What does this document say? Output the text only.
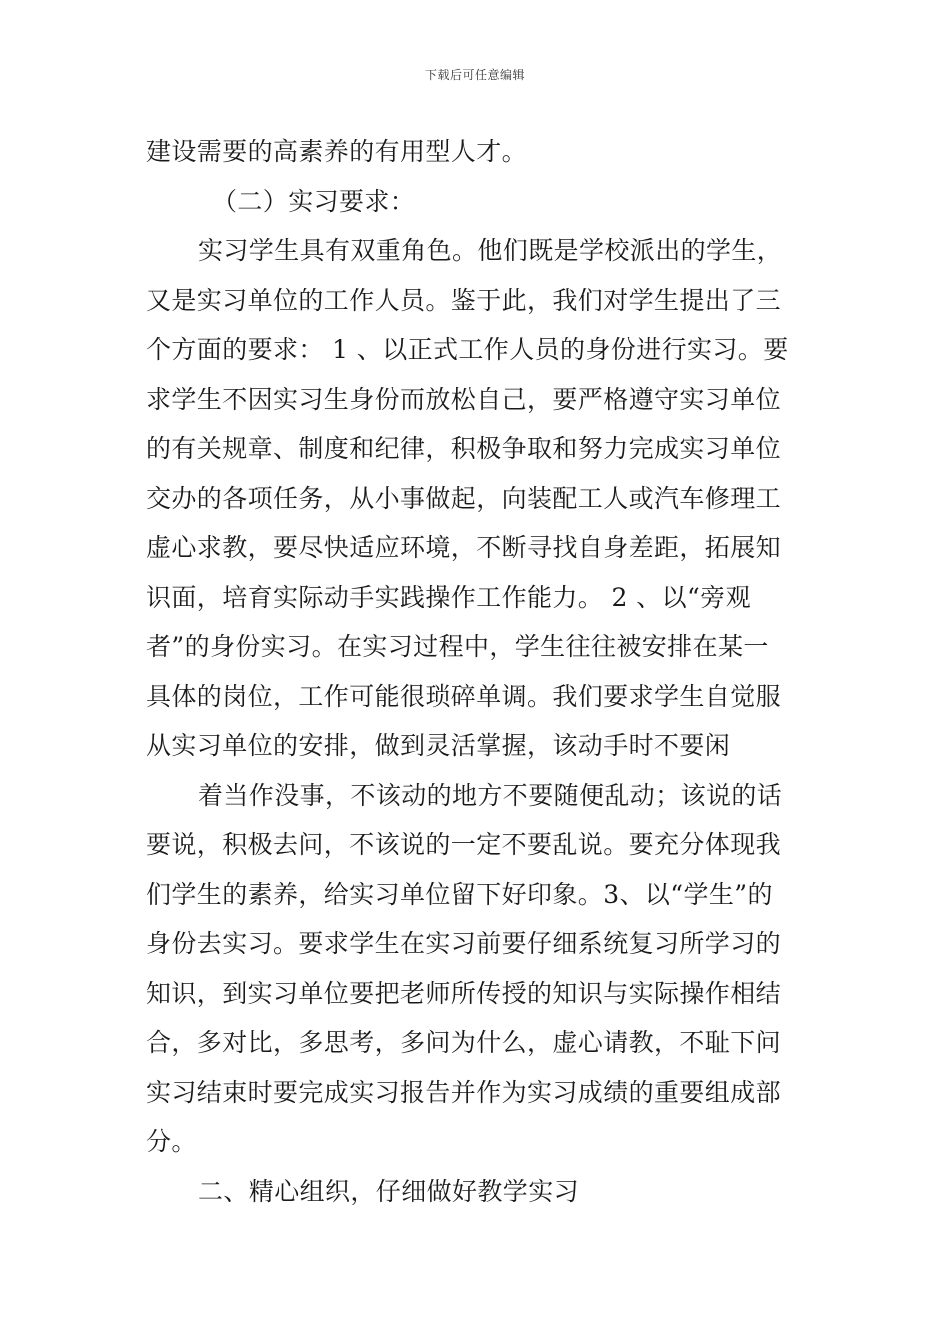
下载后可任意编辑
建设需要的高素养的有用型人才。
（二）实习要求：
实习学生具有双重角色。他们既是学校派出的学生，
又是实习单位的工作人员。鉴于此，我们对学生提出了三
个方面的要求： 1 、以正式工作人员的身份进行实习。要
求学生不因实习生身份而放松自己，要严格遵守实习单位
的有关规章、制度和纪律，积极争取和努力完成实习单位
交办的各项任务，从小事做起，向装配工人或汽车修理工
虚心求教，要尽快适应环境，不断寻找自身差距，拓展知
识面，培育实际动手实践操作工作能力。 2 、以“旁观
者”的身份实习。在实习过程中，学生往往被安排在某一
具体的岗位，工作可能很琐碎单调。我们要求学生自觉服
从实习单位的安排，做到灵活掌握，该动手时不要闲
着当作没事，不该动的地方不要随便乱动；该说的话
要说，积极去问，不该说的一定不要乱说。要充分体现我
们学生的素养，给实习单位留下好印象。3、以“学生”的
身份去实习。要求学生在实习前要仔细系统复习所学习的
知识，到实习单位要把老师所传授的知识与实际操作相结
合，多对比，多思考，多问为什么，虚心请教，不耻下问
实习结束时要完成实习报告并作为实习成绩的重要组成部
分。
二、精心组织，仔细做好教学实习
